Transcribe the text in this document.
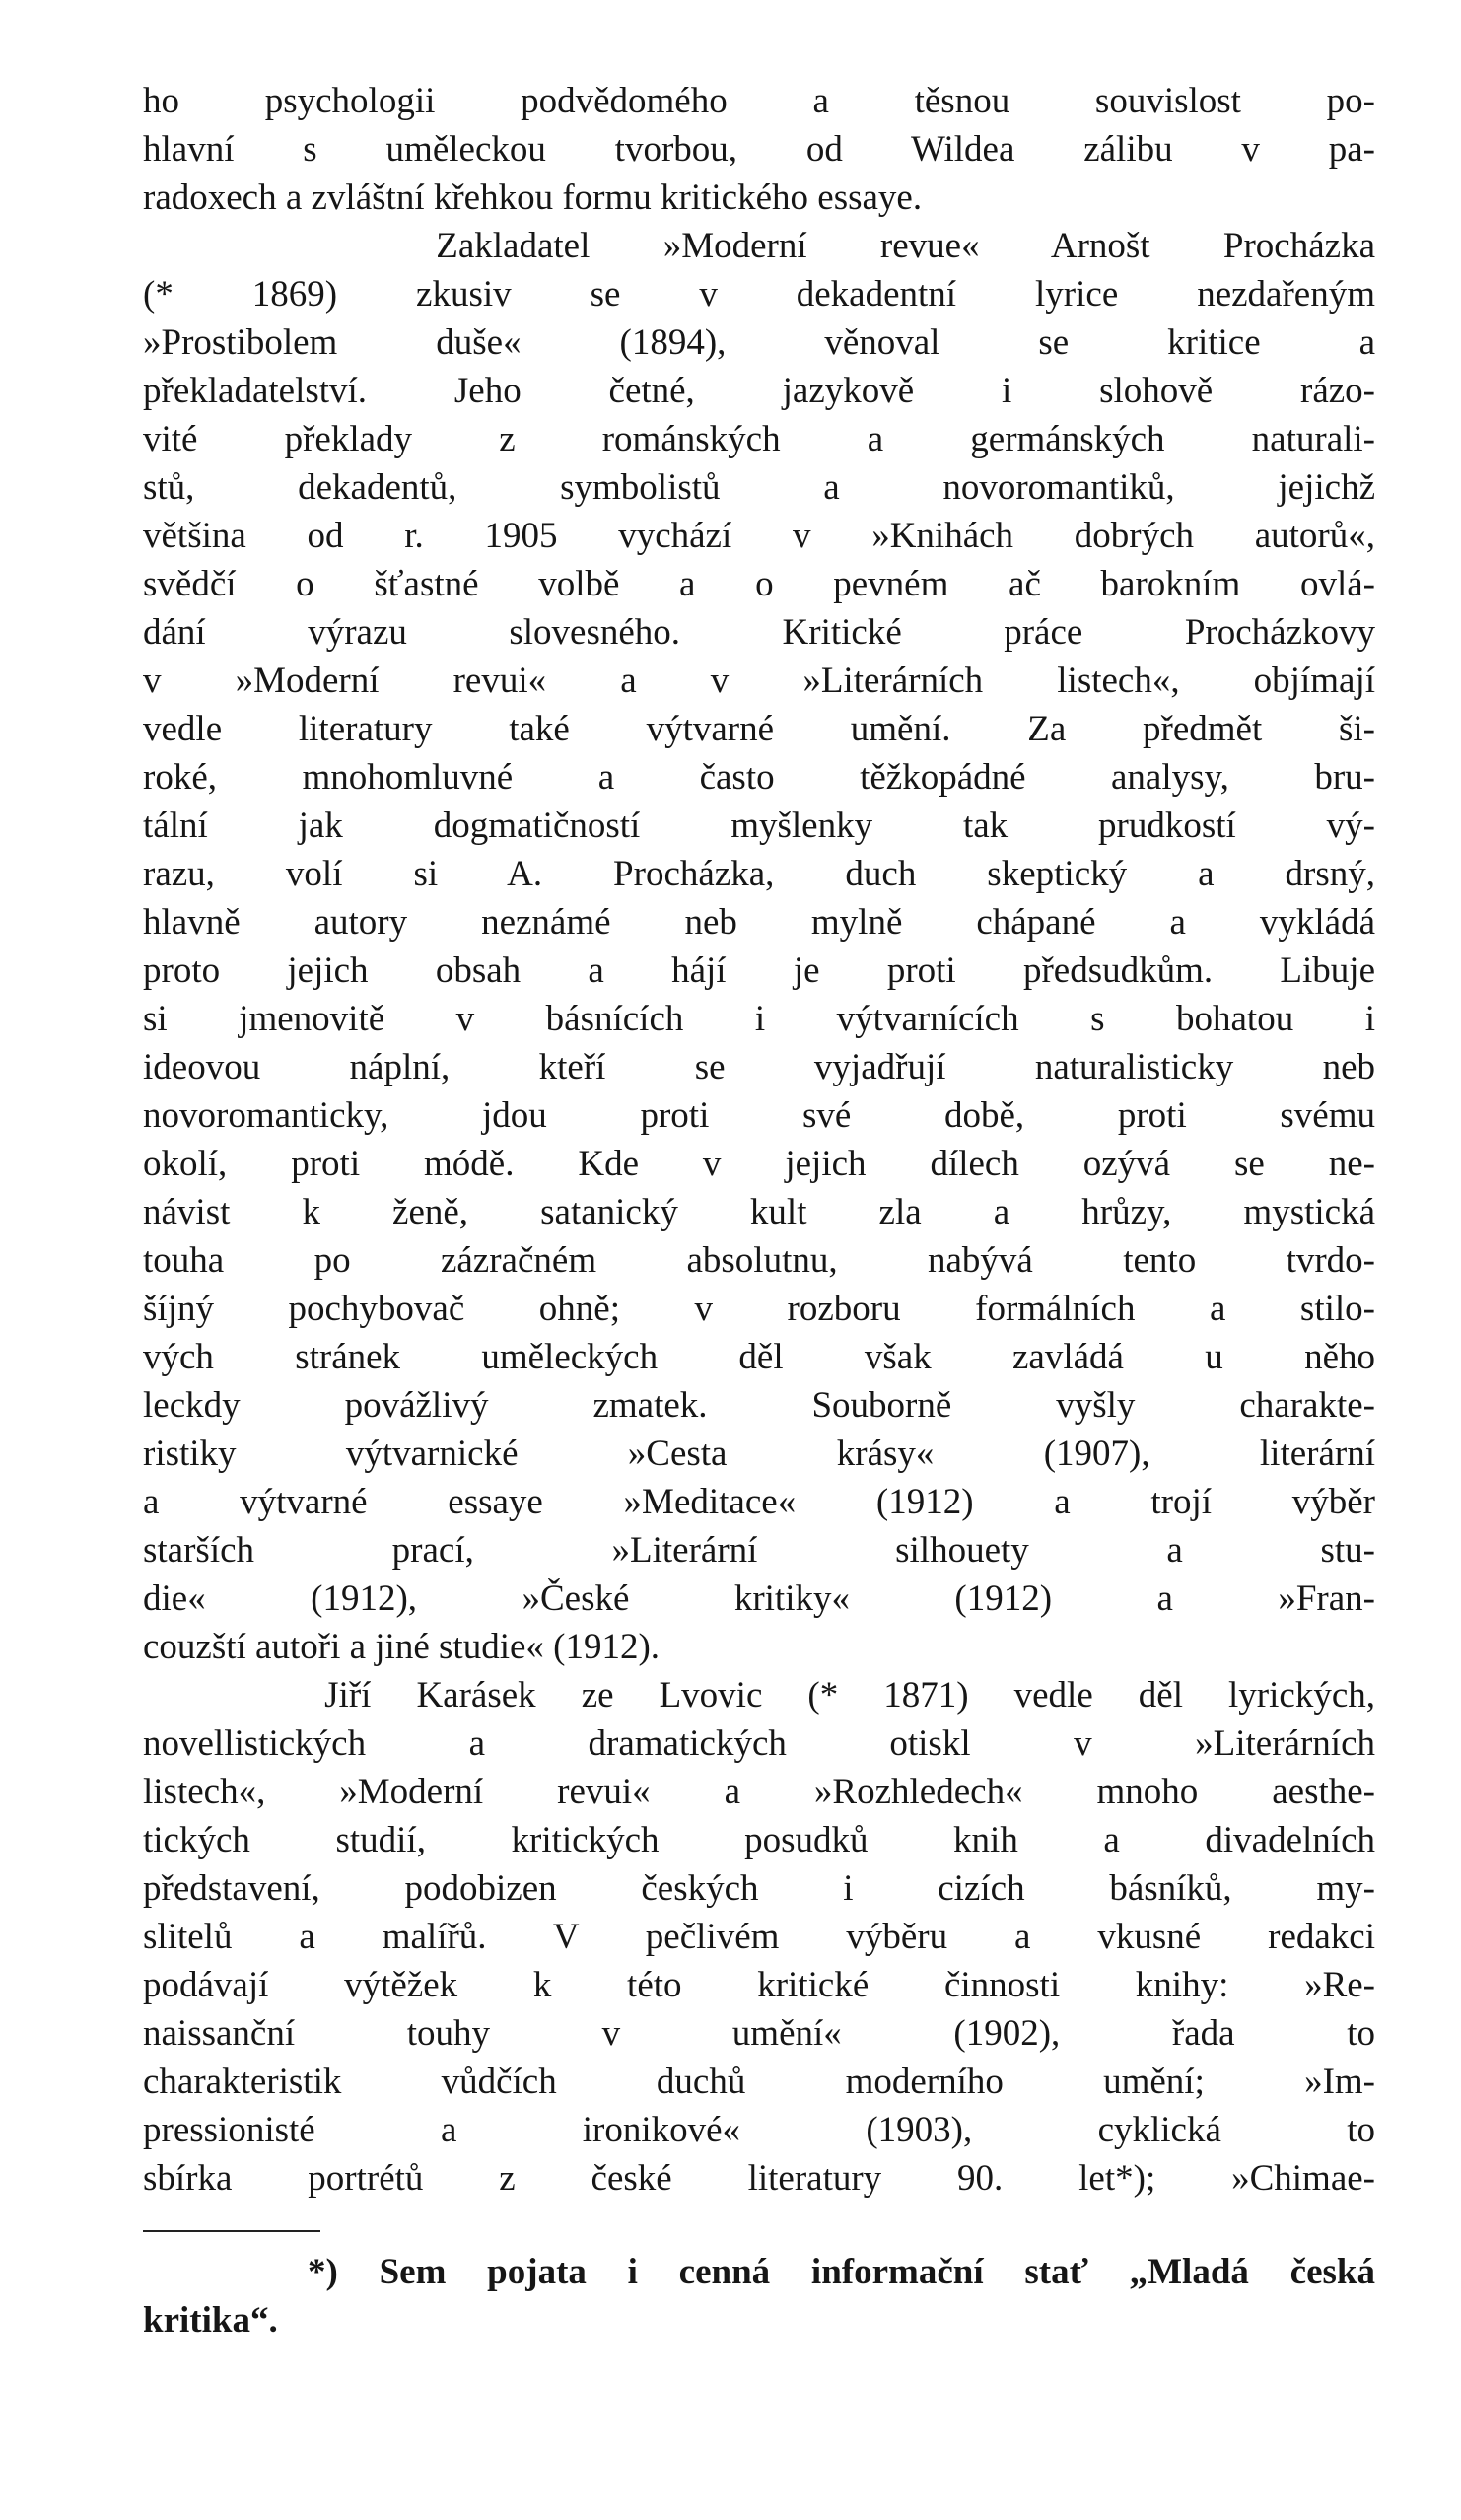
ho psychologii podvědomého a těsnou souvislost po-
hlavní s uměleckou tvorbou, od Wildea zálibu v pa-
radoxech a zvláštní křehkou formu kritického essaye.
Zakladatel »Moderní revue« Arnošt Procházka
(* 1869) zkusiv se v dekadentní lyrice nezdařeným
»Prostibolem duše« (1894), věnoval se kritice a
překladatelství. Jeho četné, jazykově i slohově rázo-
vité překlady z románských a germánských naturali-
stů, dekadentů, symbolistů a novoromantiků, jejichž
většina od r. 1905 vychází v »Knihách dobrých autorů«,
svědčí o šťastné volbě a o pevném ač barokním ovlá-
dání výrazu slovesného. Kritické práce Procházkovy
v »Moderní revui« a v »Literárních listech«, objímají
vedle literatury také výtvarné umění. Za předmět ši-
roké, mnohomluvné a často těžkopádné analysy, bru-
tální jak dogmatičností myšlenky tak prudkostí vý-
razu, volí si A. Procházka, duch skeptický a drsný,
hlavně autory neznámé neb mylně chápané a vykládá
proto jejich obsah a hájí je proti předsudkům. Libuje
si jmenovitě v básnících i výtvarnících s bohatou i
ideovou náplní, kteří se vyjadřují naturalisticky neb
novoromanticky, jdou proti své době, proti svému
okolí, proti módě. Kde v jejich dílech ozývá se ne-
návist k ženě, satanický kult zla a hrůzy, mystická
touha po zázračném absolutnu, nabývá tento tvrdo-
šíjný pochybovač ohně; v rozboru formálních a stilo-
vých stránek uměleckých děl však zavládá u něho
leckdy povážlivý zmatek. Souborně vyšly charakte-
ristiky výtvarnické »Cesta krásy« (1907), literární
a výtvarné essaye »Meditace« (1912) a trojí výběr
starších prací, »Literární silhouety a stu-
die« (1912), »České kritiky« (1912) a »Fran-
couzští autoři a jiné studie« (1912).
Jiří Karásek ze Lvovic (* 1871) vedle děl lyrických,
novellistických a dramatických otiskl v »Literárních
listech«, »Moderní revui« a »Rozhledech« mnoho aesthe-
tických studií, kritických posudků knih a divadelních
představení, podobizen českých i cizích básníků, my-
slitelů a malířů. V pečlivém výběru a vkusné redakci
podávají výtěžek k této kritické činnosti knihy: »Re-
naissanční touhy v umění« (1902), řada to
charakteristik vůdčích duchů moderního umění; »Im-
pressionisté a ironikové« (1903), cyklická to
sbírka portrétů z české literatury 90. let*); »Chimae-
*) Sem pojata i cenná informační stať „Mladá česká
kritika“.
